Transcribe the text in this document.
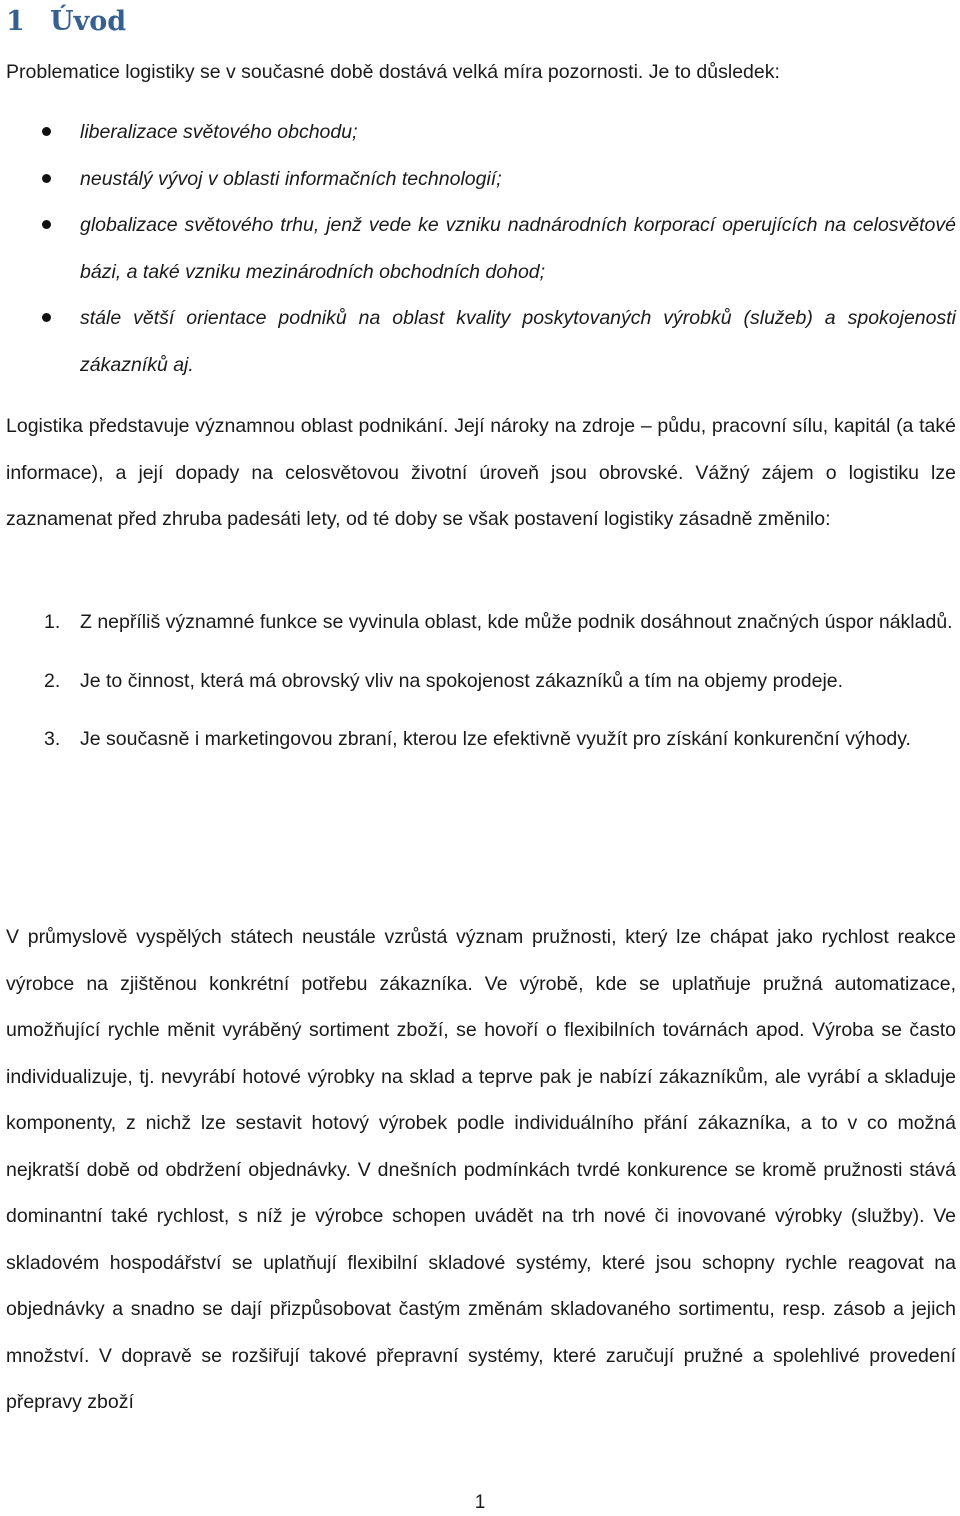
1 Úvod

Problematice logistiky se v současné době dostává velká míra pozornosti. Je to důsledek:

liberalizace světového obchodu;
neustálý vývoj v oblasti informačních technologií;
globalizace světového trhu, jenž vede ke vzniku nadnárodních korporací operujících na celosvětové bázi, a také vzniku mezinárodních obchodních dohod;
stále větší orientace podniků na oblast kvality poskytovaných výrobků (služeb) a spokojenosti zákazníků aj.

Logistika představuje významnou oblast podnikání. Její nároky na zdroje – půdu, pracovní sílu, kapitál (a také informace), a její dopady na celosvětovou životní úroveň jsou obrovské. Vážný zájem o logistiku lze zaznamenat před zhruba padesáti lety, od té doby se však postavení logistiky zásadně změnilo:

1. Z nepříliš významné funkce se vyvinula oblast, kde může podnik dosáhnout značných úspor nákladů.
2. Je to činnost, která má obrovský vliv na spokojenost zákazníků a tím na objemy prodeje.
3. Je současně i marketingovou zbraní, kterou lze efektivně využít pro získání konkurenční výhody.

V průmyslově vyspělých státech neustále vzrůstá význam pružnosti, který lze chápat jako rychlost reakce výrobce na zjištěnou konkrétní potřebu zákazníka. Ve výrobě, kde se uplatňuje pružná automatizace, umožňující rychle měnit vyráběný sortiment zboží, se hovoří o flexibilních továrnách apod. Výroba se často individualizuje, tj. nevyrábí hotové výrobky na sklad a teprve pak je nabízí zákazníkům, ale vyrábí a skladuje komponenty, z nichž lze sestavit hotový výrobek podle individuálního přání zákazníka, a to v co možná nejkratší době od obdržení objednávky. V dnešních podmínkách tvrdé konkurence se kromě pružnosti stává dominantní také rychlost, s níž je výrobce schopen uvádět na trh nové či inovované výrobky (služby). Ve skladovém hospodářství se uplatňují flexibilní skladové systémy, které jsou schopny rychle reagovat na objednávky a snadno se dají přizpůsobovat častým změnám skladovaného sortimentu, resp. zásob a jejich množství. V dopravě se rozšiřují takové přepravní systémy, které zaručují pružné a spolehlivé provedení přepravy zboží

1
